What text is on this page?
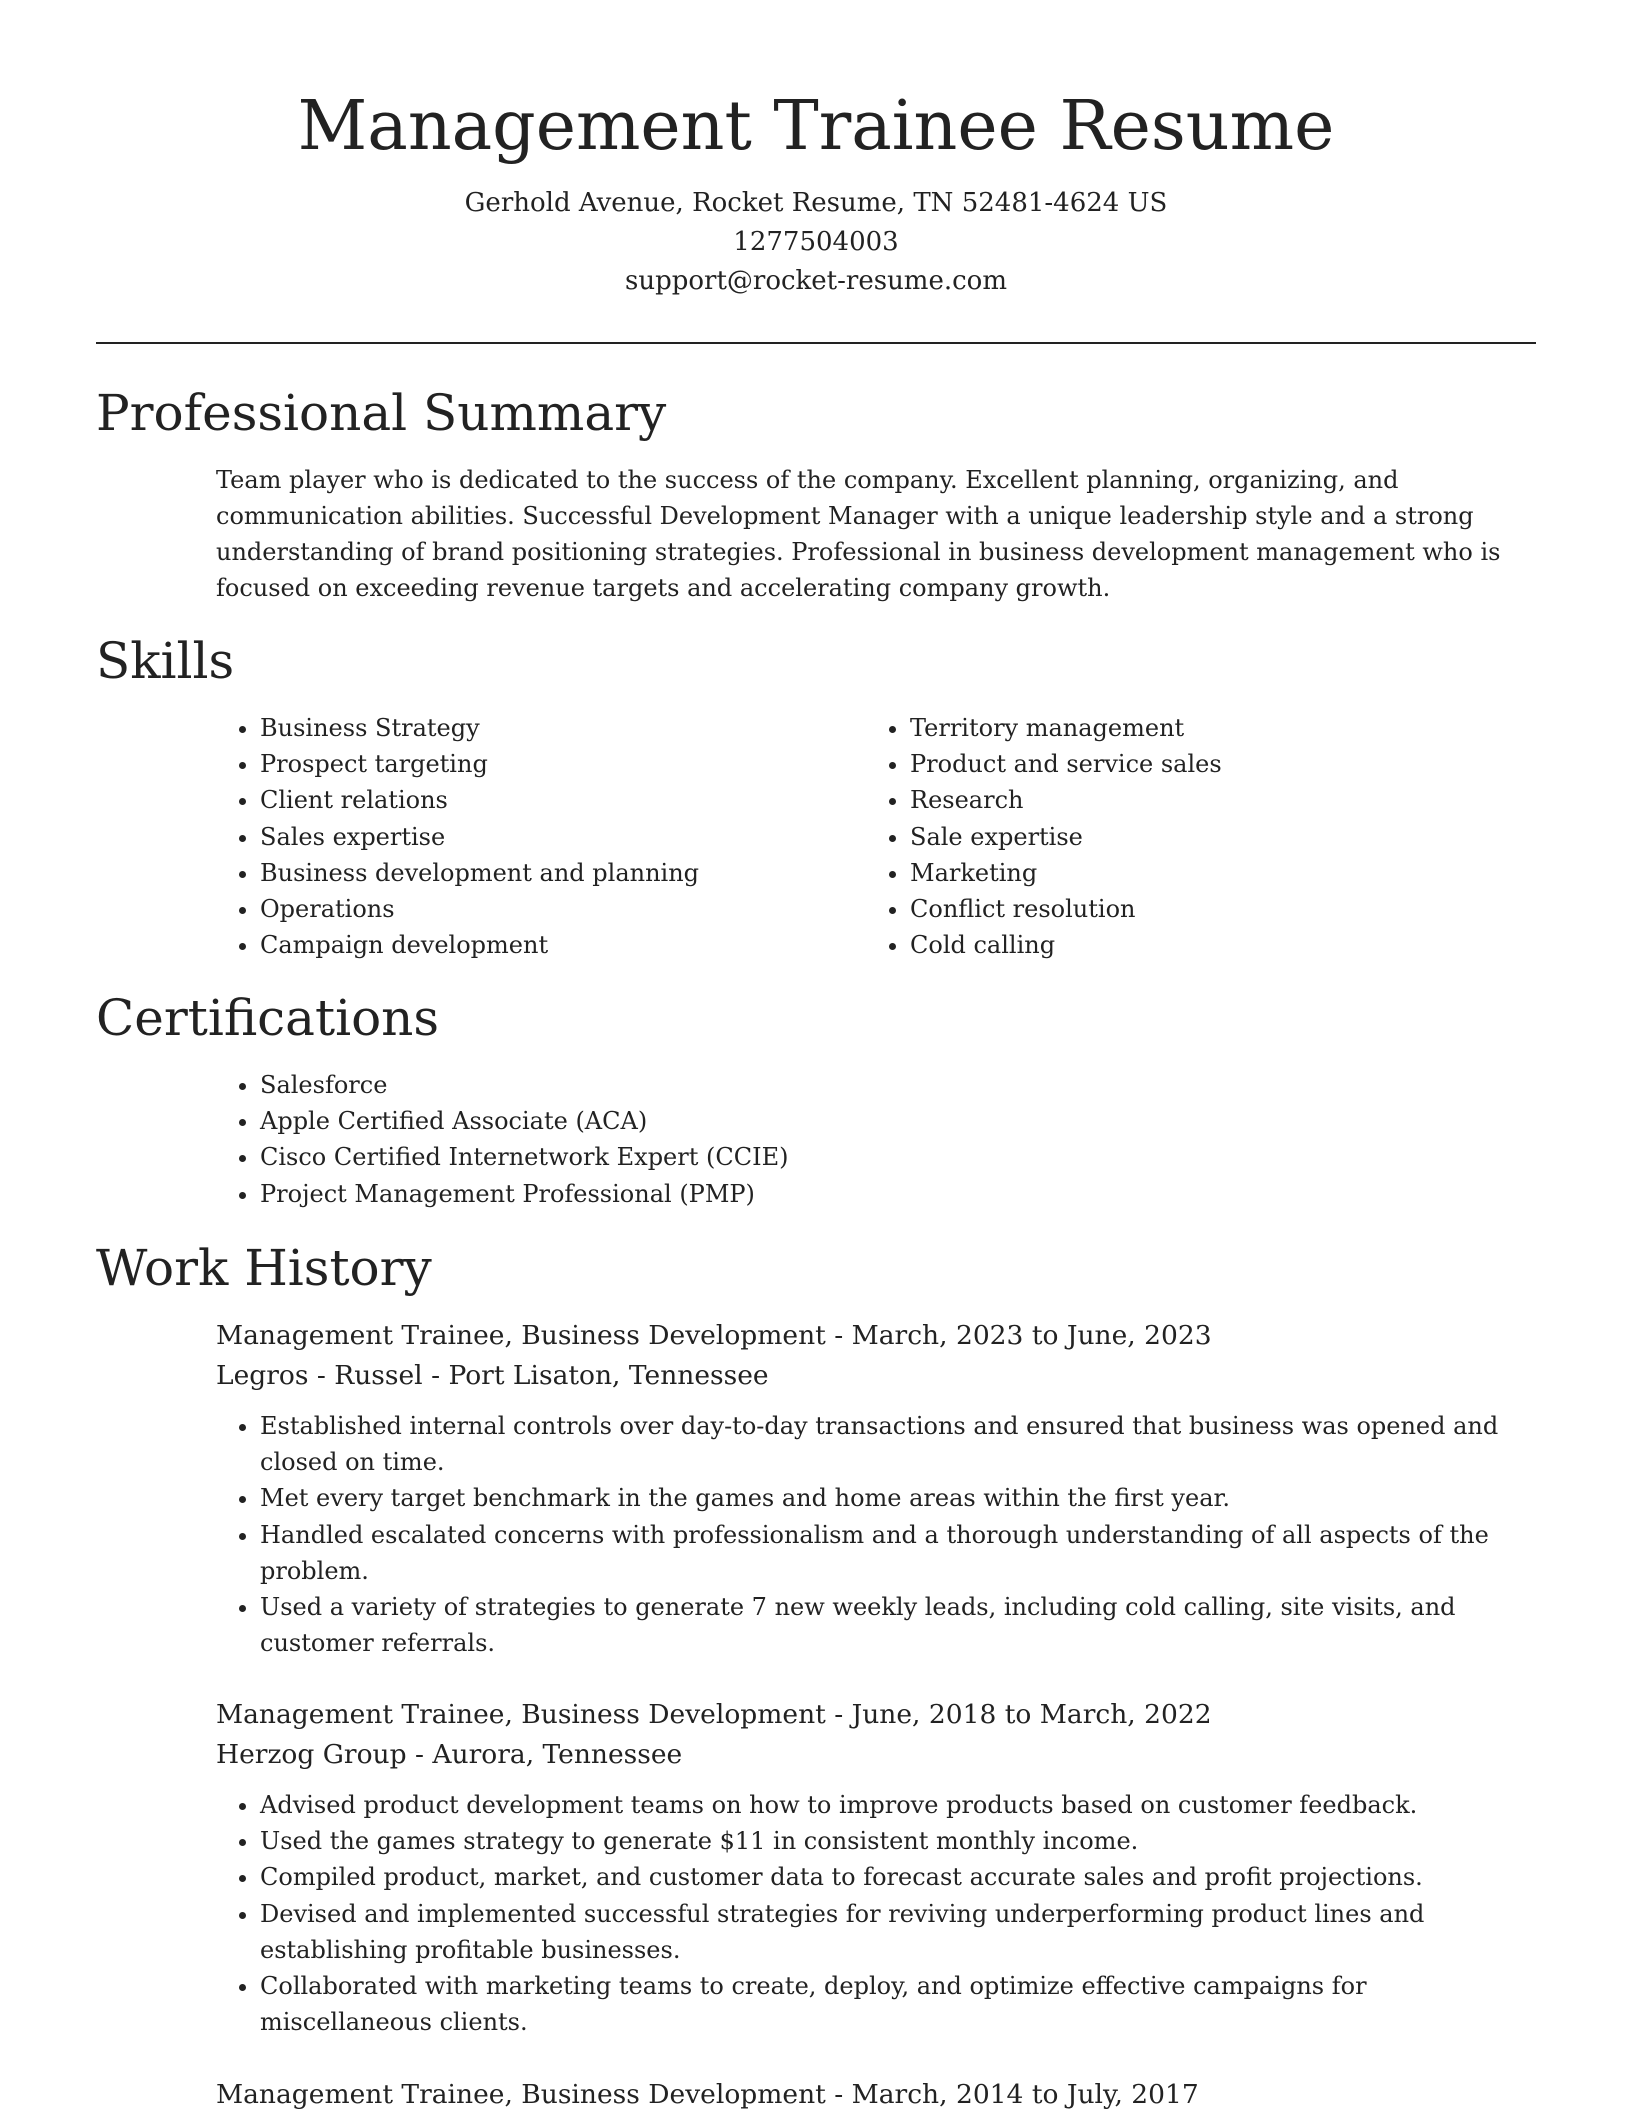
Management Trainee Resume
Gerhold Avenue, Rocket Resume, TN 52481-4624 US
1277504003
support@rocket-resume.com
Professional Summary
Team player who is dedicated to the success of the company. Excellent planning, organizing, and communication abilities. Successful Development Manager with a unique leadership style and a strong understanding of brand positioning strategies. Professional in business development management who is focused on exceeding revenue targets and accelerating company growth.
Skills
• Business Strategy
• Prospect targeting
• Client relations
• Sales expertise
• Business development and planning
• Operations
• Campaign development
• Territory management
• Product and service sales
• Research
• Sale expertise
• Marketing
• Conflict resolution
• Cold calling
Certifications
• Salesforce
• Apple Certified Associate (ACA)
• Cisco Certified Internetwork Expert (CCIE)
• Project Management Professional (PMP)
Work History
Management Trainee, Business Development - March, 2023 to June, 2023
Legros - Russel - Port Lisaton, Tennessee
• Established internal controls over day-to-day transactions and ensured that business was opened and closed on time.
• Met every target benchmark in the games and home areas within the first year.
• Handled escalated concerns with professionalism and a thorough understanding of all aspects of the problem.
• Used a variety of strategies to generate 7 new weekly leads, including cold calling, site visits, and customer referrals.
Management Trainee, Business Development - June, 2018 to March, 2022
Herzog Group - Aurora, Tennessee
• Advised product development teams on how to improve products based on customer feedback.
• Used the games strategy to generate $11 in consistent monthly income.
• Compiled product, market, and customer data to forecast accurate sales and profit projections.
• Devised and implemented successful strategies for reviving underperforming product lines and establishing profitable businesses.
• Collaborated with marketing teams to create, deploy, and optimize effective campaigns for miscellaneous clients.
Management Trainee, Business Development - March, 2014 to July, 2017
